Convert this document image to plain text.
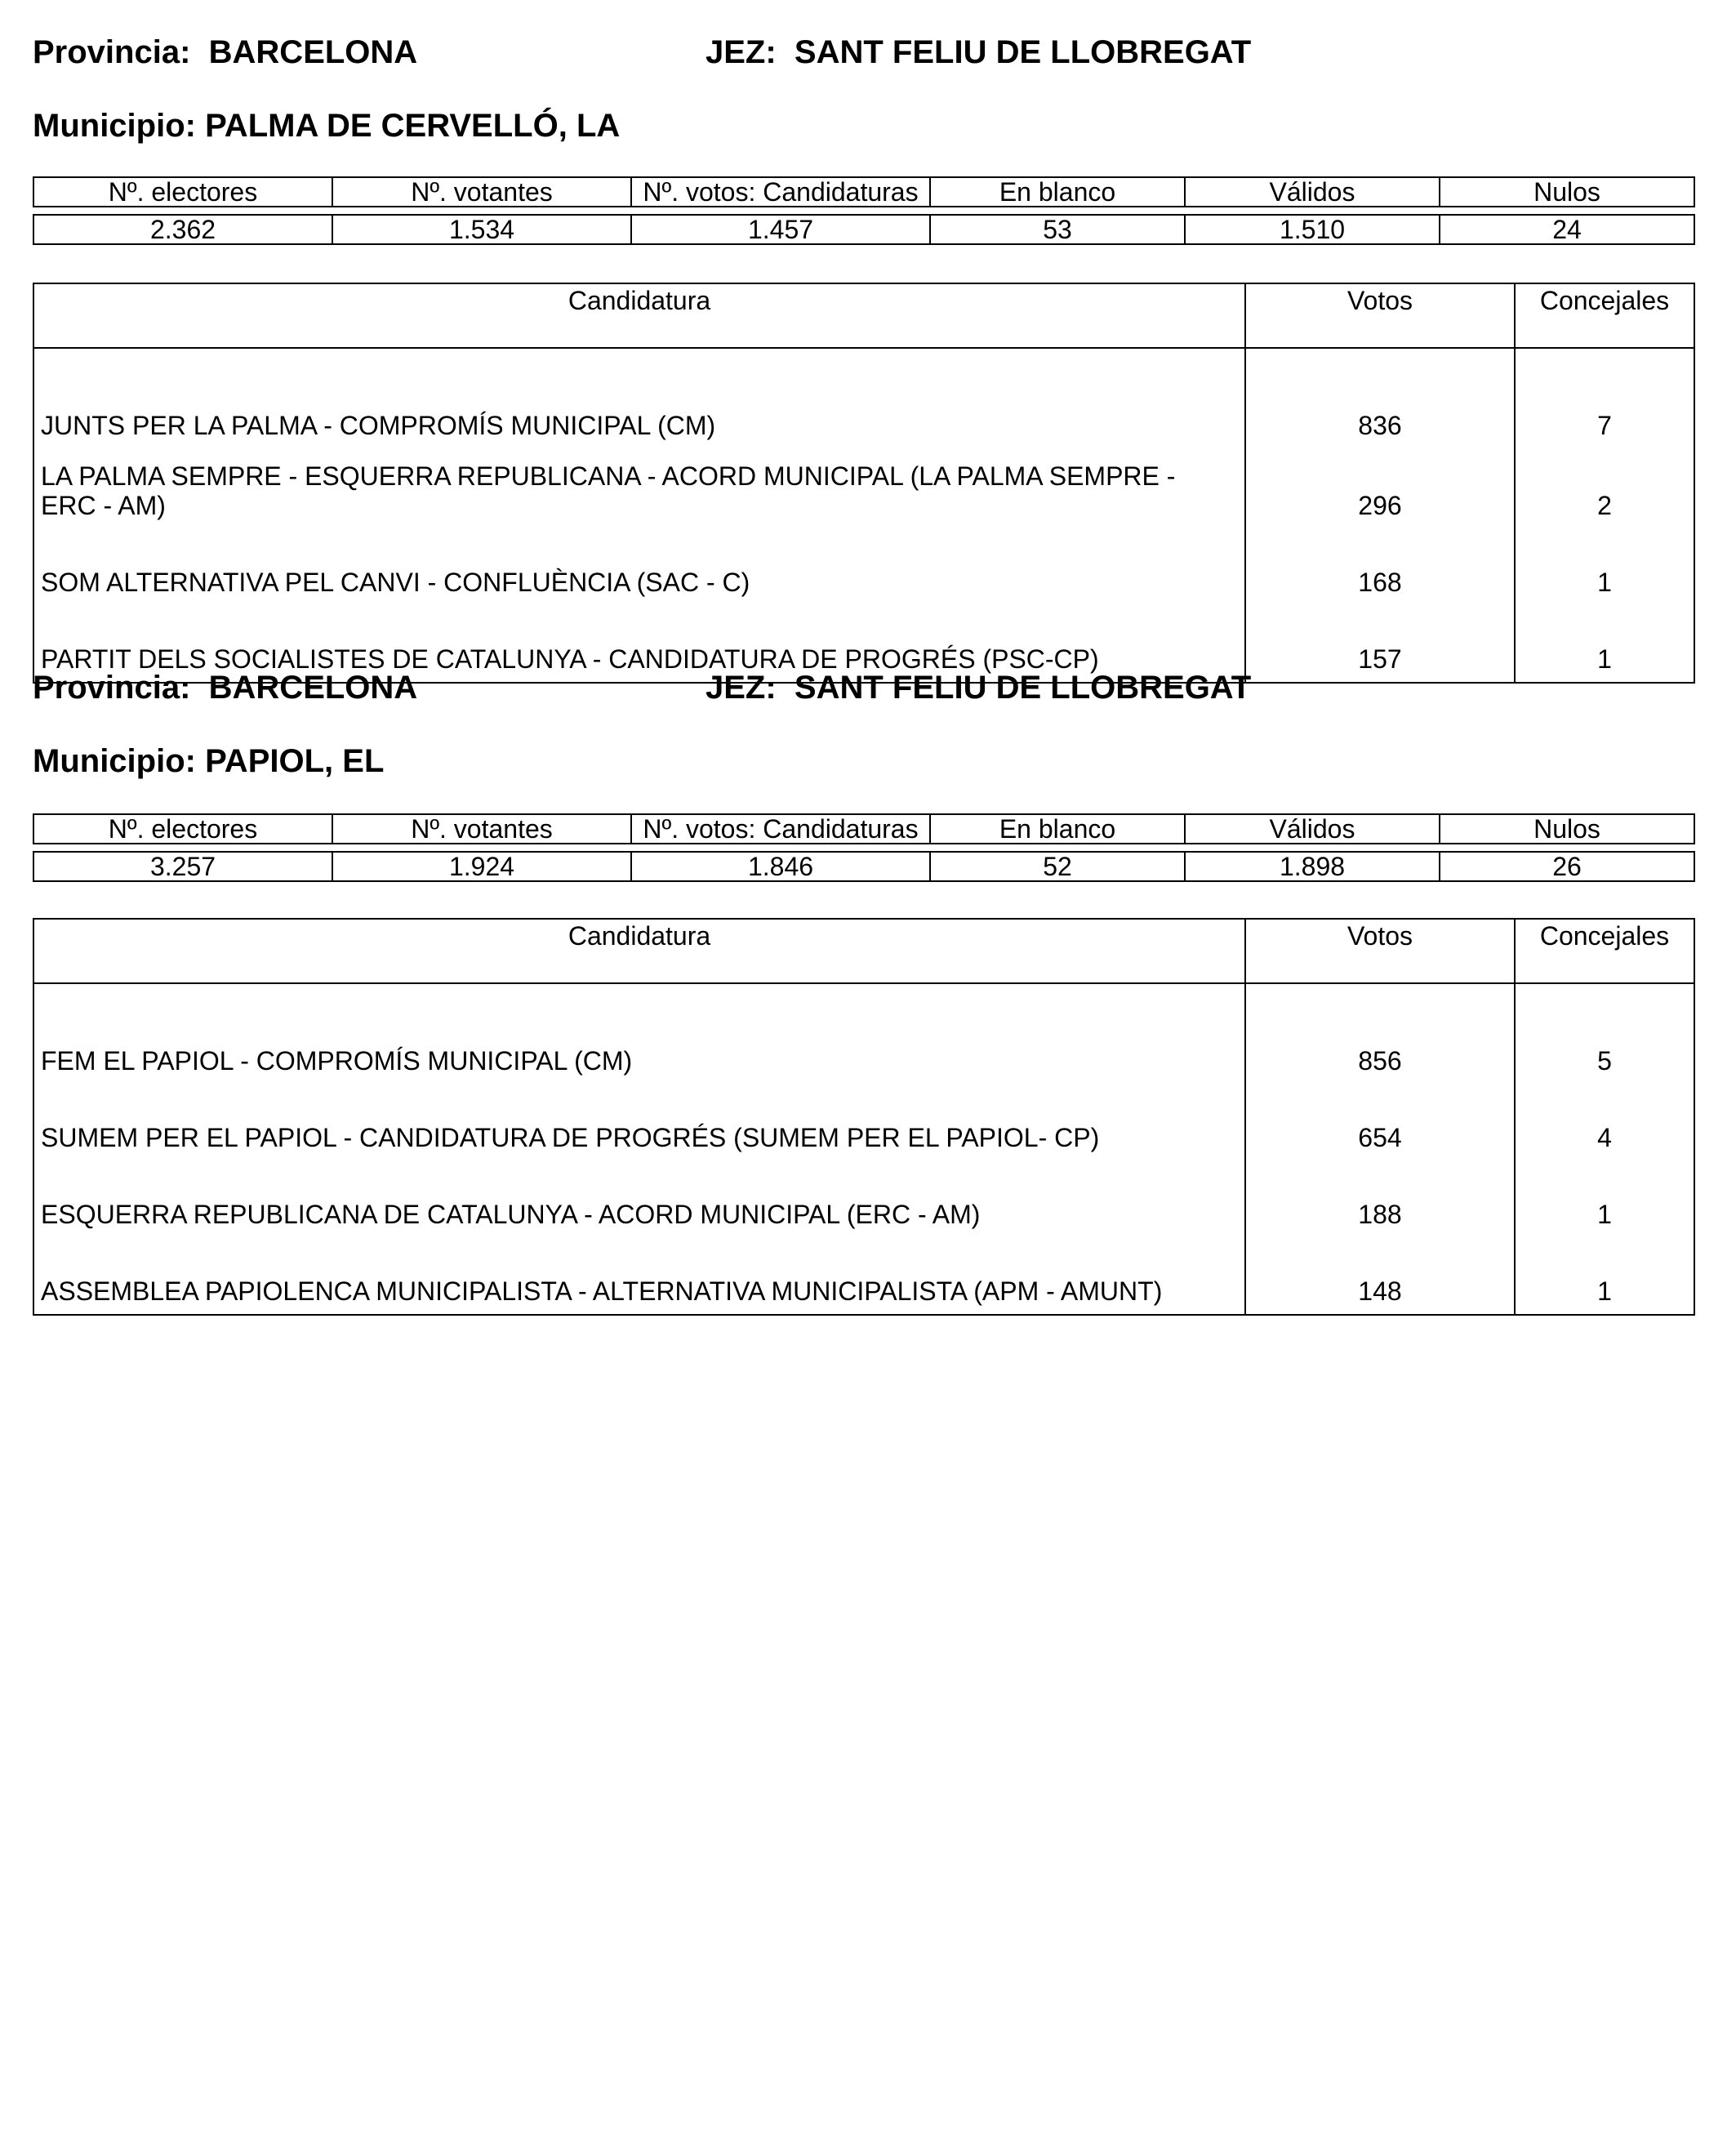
Provincia: BARCELONA	JEZ: SANT FELIU DE LLOBREGAT
Municipio: PALMA DE CERVELLÓ, LA
Nº. electores	Nº. votantes	Nº. votos: Candidaturas	En blanco	Válidos	Nulos

2.362	1.534	1.457	53	1.510	24
Candidatura	Votos	Concejales
JUNTS PER LA PALMA - COMPROMÍS MUNICIPAL (CM)	836	7
LA PALMA SEMPRE - ESQUERRA REPUBLICANA - ACORD MUNICIPAL (LA PALMA SEMPRE - ERC - AM)	296	2
SOM ALTERNATIVA PEL CANVI - CONFLUÈNCIA (SAC - C)	168	1
PARTIT DELS SOCIALISTES DE CATALUNYA - CANDIDATURA DE PROGRÉS (PSC-CP)	157	1
Provincia: BARCELONA	JEZ: SANT FELIU DE LLOBREGAT
Municipio: PAPIOL, EL
Nº. electores	Nº. votantes	Nº. votos: Candidaturas	En blanco	Válidos	Nulos

3.257	1.924	1.846	52	1.898	26
Candidatura	Votos	Concejales
FEM EL PAPIOL - COMPROMÍS MUNICIPAL (CM)	856	5
SUMEM PER EL PAPIOL - CANDIDATURA DE PROGRÉS (SUMEM PER EL PAPIOL- CP)	654	4
ESQUERRA REPUBLICANA DE CATALUNYA - ACORD MUNICIPAL (ERC - AM)	188	1
ASSEMBLEA PAPIOLENCA MUNICIPALISTA - ALTERNATIVA MUNICIPALISTA (APM - AMUNT)	148	1
